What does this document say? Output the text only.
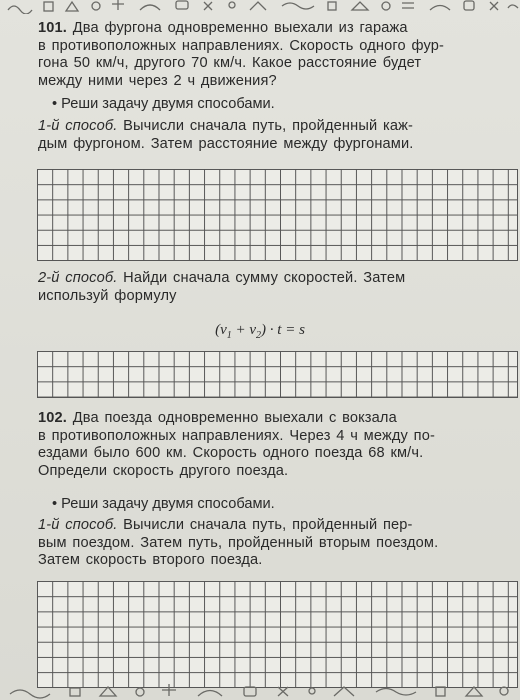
101. Два фургона одновременно выехали из гаража
в противоположных направлениях. Скорость одного фур-
гона 50 км/ч, другого 70 км/ч. Какое расстояние будет
между ними через 2 ч движения?
• Реши задачу двумя способами.
1-й способ. Вычисли сначала путь, пройденный каж-
дым фургоном. Затем расстояние между фургонами.
2-й способ. Найди сначала сумму скоростей. Затем
используй формулу
$(v_1 + v_2) \cdot t = s$
102. Два поезда одновременно выехали с вокзала
в противоположных направлениях. Через 4 ч между по-
ездами было 600 км. Скорость одного поезда 68 км/ч.
Определи скорость другого поезда.
• Реши задачу двумя способами.
1-й способ. Вычисли сначала путь, пройденный пер-
вым поездом. Затем путь, пройденный вторым поездом.
Затем скорость второго поезда.
